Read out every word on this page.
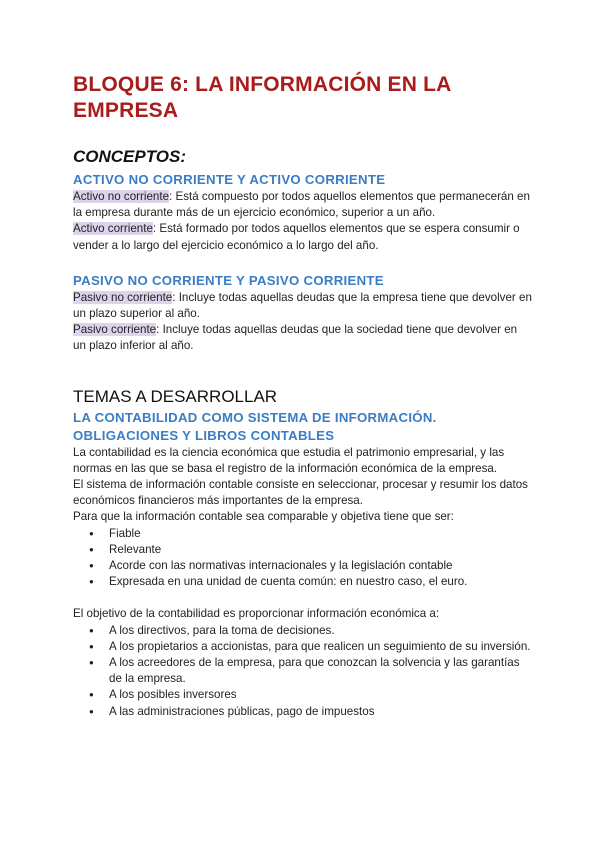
BLOQUE 6: LA INFORMACIÓN EN LA
EMPRESA
CONCEPTOS:
ACTIVO NO CORRIENTE Y ACTIVO CORRIENTE

Activo no corriente: Está compuesto por todos aquellos elementos que permanecerán en la empresa durante más de un ejercicio económico, superior a un año.

Activo corriente: Está formado por todos aquellos elementos que se espera consumir o vender a lo largo del ejercicio económico a lo largo del año.

PASIVO NO CORRIENTE Y PASIVO CORRIENTE

Pasivo no corriente: Incluye todas aquellas deudas que la empresa tiene que devolver en un plazo superior al año.

Pasivo corriente: Incluye todas aquellas deudas que la sociedad tiene que devolver en un plazo inferior al año.

TEMAS A DESARROLLAR
LA CONTABILIDAD COMO SISTEMA DE INFORMACIÓN.
OBLIGACIONES Y LIBROS CONTABLES

La contabilidad es la ciencia económica que estudia el patrimonio empresarial, y las normas en las que se basa el registro de la información económica de la empresa.

El sistema de información contable consiste en seleccionar, procesar y resumir los datos económicos financieros más importantes de la empresa.

Para que la información contable sea comparable y objetiva tiene que ser:

● Fiable
● Relevante
● Acorde con las normativas internacionales y la legislación contable
● Expresada en una unidad de cuenta común: en nuestro caso, el euro.

El objetivo de la contabilidad es proporcionar información económica a:

● A los directivos, para la toma de decisiones.
● A los propietarios a accionistas, para que realicen un seguimiento de su inversión.
● A los acreedores de la empresa, para que conozcan la solvencia y las garantías de la empresa.
● A los posibles inversores
● A las administraciones públicas, pago de impuestos
